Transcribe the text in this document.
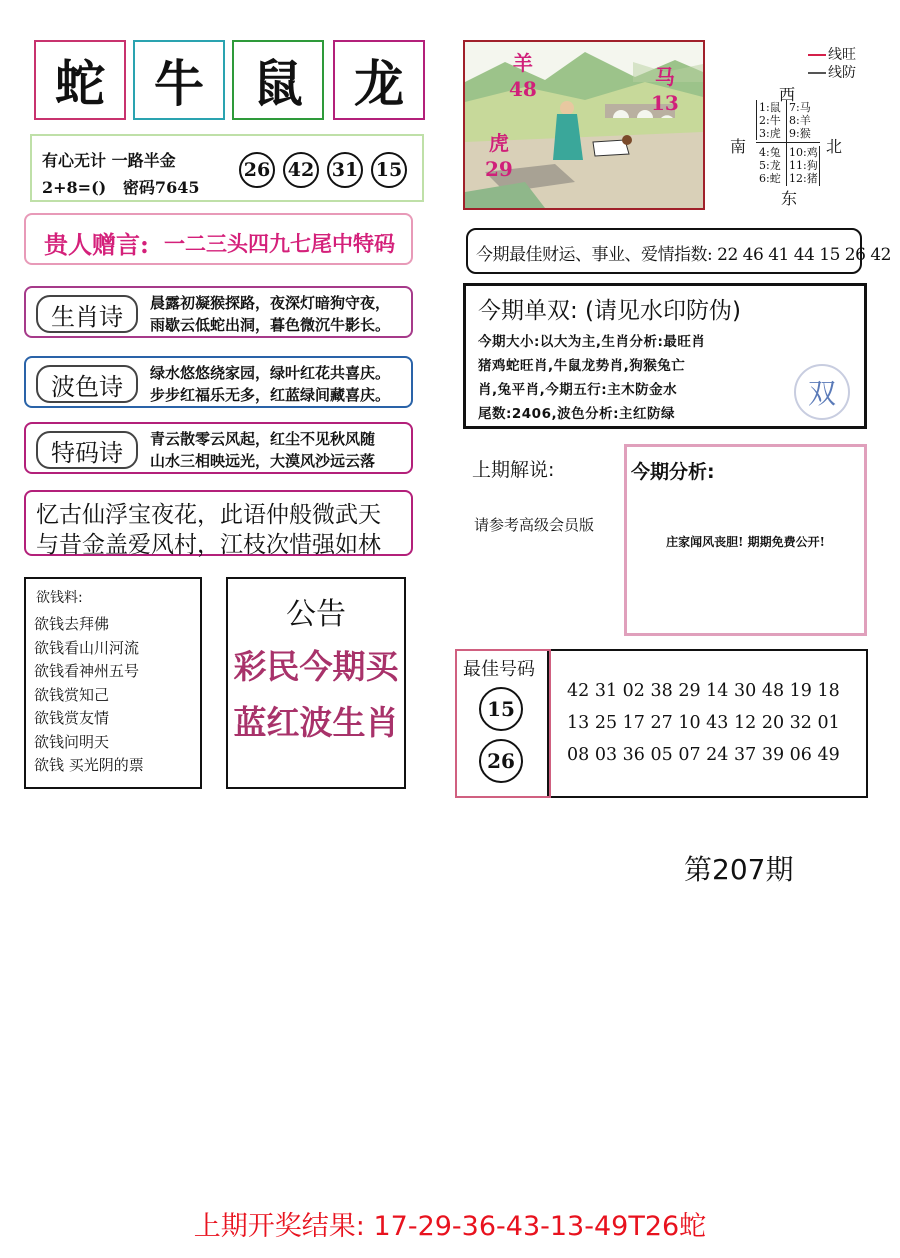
蛇 牛 鼠	龙
有心无计 一路半金
2+8=()   密码7645
26 42 31 15
贵人赠言: 一二三头四九七尾中特码
生肖诗	晨露初凝猴探路，夜深灯暗狗守夜，
雨歇云低蛇出洞，暮色微沉牛影长。
波色诗	绿水悠悠绕家园，绿叶红花共喜庆。
步步红福乐无多，红蓝绿间藏喜庆。
特码诗	青云散零云风起，红尘不见秋风随
山水三相映远光，大漠风沙远云落
忆古仙浮宝夜花，此语仲般微武天
与昔金盖爱风村，江枝次惜强如林
欲钱料:
欲钱去拜佛
欲钱看山川河流
欲钱看神州五号
欲钱赏知己
欲钱赏友情
欲钱问明天
欲钱 买光阴的票
公告
彩民今期买
蓝红波生肖
羊
48	马
13
虎
29
线旺
线防
西
南	北
东
1:鼠 7:马
2:牛 8:羊
3:虎 9:猴
4:兔 10:鸡
5:龙 11:狗
6:蛇 12:猪
今期最佳财运、事业、爱情指数: 22 46 41 44 15 26 42
今期单双: (请见水印防伪)
今期大小:以大为主,生肖分析:最旺肖
猪鸡蛇旺肖,牛鼠龙势肖,狗猴兔亡
肖,兔平肖,今期五行:主木防金水
尾数:2406,波色分析:主红防绿
双
上期解说:
请参考高级会员版
今期分析:
庄家闻风丧胆! 期期免费公开!
最佳号码
15
26
42 31 02 38 29 14 30 48 19 18
13 25 17 27 10 43 12 20 32 01
08 03 36 05 07 24 37 39 06 49
第207期
上期开奖结果: 17-29-36-43-13-49T26蛇
